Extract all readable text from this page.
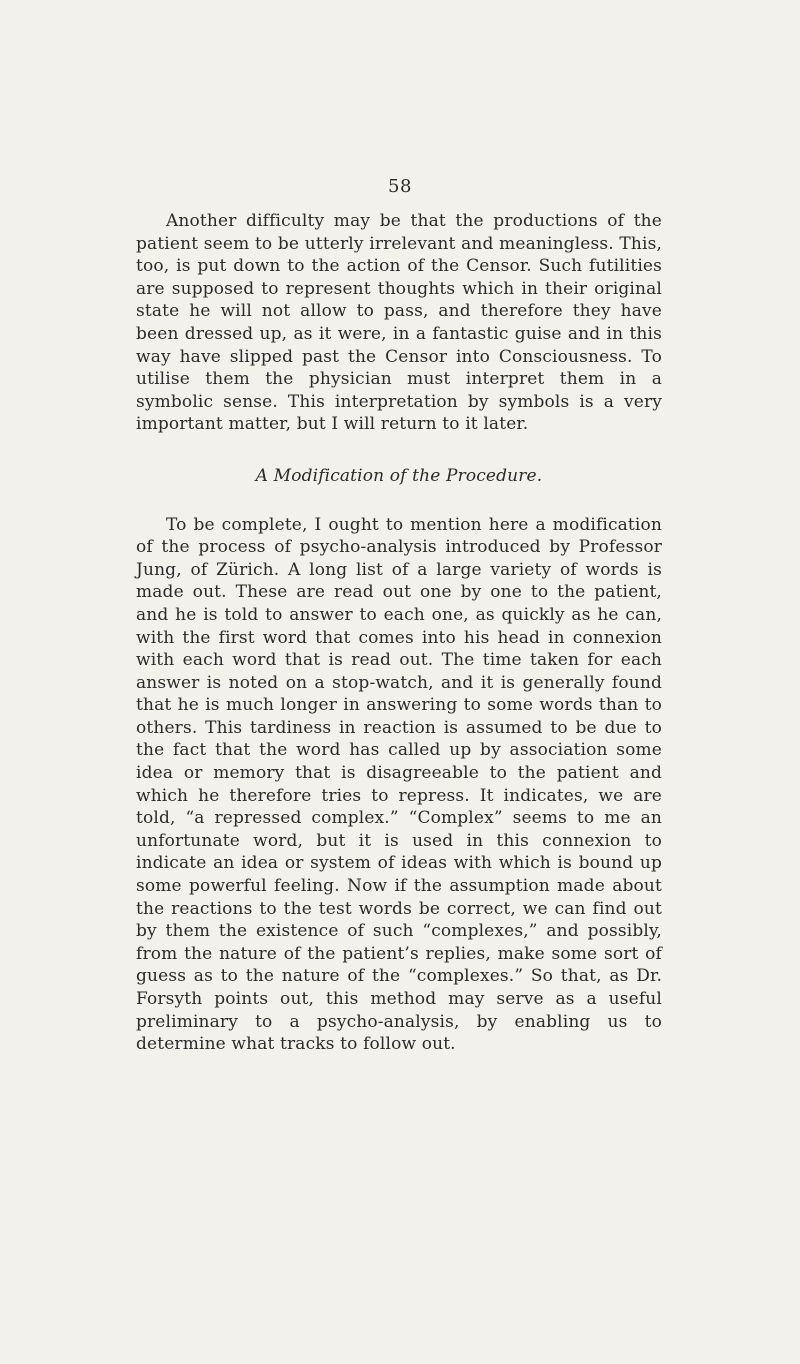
58

Another difficulty may be that the productions of the patient seem to be utterly irrelevant and meaningless. This, too, is put down to the action of the Censor. Such futilities are supposed to represent thoughts which in their original state he will not allow to pass, and therefore they have been dressed up, as it were, in a fantastic guise and in this way have slipped past the Censor into Consciousness. To utilise them the physician must interpret them in a symbolic sense. This interpretation by symbols is a very important matter, but I will return to it later.

A Modification of the Procedure.

To be complete, I ought to mention here a modification of the process of psycho-analysis introduced by Professor Jung, of Zürich. A long list of a large variety of words is made out. These are read out one by one to the patient, and he is told to answer to each one, as quickly as he can, with the first word that comes into his head in connexion with each word that is read out. The time taken for each answer is noted on a stop-watch, and it is generally found that he is much longer in answering to some words than to others. This tardiness in reaction is assumed to be due to the fact that the word has called up by association some idea or memory that is disagreeable to the patient and which he therefore tries to repress. It indicates, we are told, “a repressed complex.” “Complex” seems to me an unfortunate word, but it is used in this connexion to indicate an idea or system of ideas with which is bound up some powerful feeling. Now if the assumption made about the reactions to the test words be correct, we can find out by them the existence of such “complexes,” and possibly, from the nature of the patient’s replies, make some sort of guess as to the nature of the “complexes.” So that, as Dr. Forsyth points out, this method may serve as a useful preliminary to a psycho-analysis, by enabling us to determine what tracks to follow out.
